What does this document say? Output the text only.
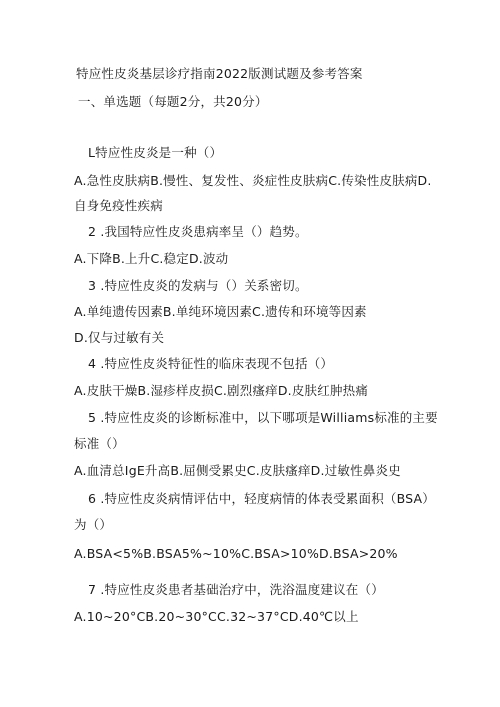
特应性皮炎基层诊疗指南2022版测试题及参考答案
一、单选题（每题2分，共20分）
L特应性皮炎是一种（）
A.急性皮肤病B.慢性、复发性、炎症性皮肤病C.传染性皮肤病D.
自身免疫性疾病
2 .我国特应性皮炎患病率呈（）趋势。
A.下降B.上升C.稳定D.波动
3 .特应性皮炎的发病与（）关系密切。
A.单纯遗传因素B.单纯环境因素C.遗传和环境等因素
D.仅与过敏有关
4 .特应性皮炎特征性的临床表现不包括（）
A.皮肤干燥B.湿疹样皮损C.剧烈瘙痒D.皮肤红肿热痛
5 .特应性皮炎的诊断标准中，以下哪项是Williams标准的主要
标准（）
A.血清总IgE升高B.屈侧受累史C.皮肤瘙痒D.过敏性鼻炎史
6 .特应性皮炎病情评估中，轻度病情的体表受累面积（BSA）
为（）
A.BSA<5%B.BSA5%~10%C.BSA>10%D.BSA>20%
7 .特应性皮炎患者基础治疗中，洗浴温度建议在（）
A.10~20°CB.20~30°CC.32~37°CD.40℃以上
